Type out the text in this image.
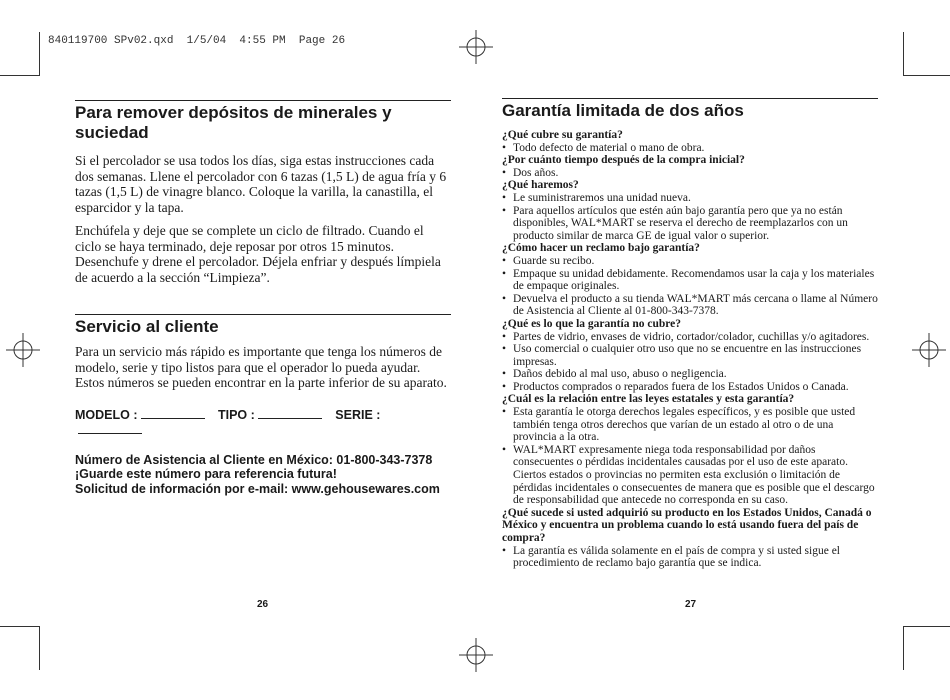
840119700 SPv02.qxd  1/5/04  4:55 PM  Page 26
Para remover depósitos de minerales y suciedad

Si el percolador se usa todos los días, siga estas instrucciones cada dos semanas. Llene el percolador con 6 tazas (1,5 L) de agua fría y 6 tazas (1,5 L) de vinagre blanco. Coloque la varilla, la canastilla, el esparcidor y la tapa.

Enchúfela y deje que se complete un ciclo de filtrado. Cuando el ciclo se haya terminado, deje reposar por otros 15 minutos. Desenchufe y drene el percolador. Déjela enfriar y después límpiela de acuerdo a la sección “Limpieza”.

Servicio al cliente

Para un servicio más rápido es importante que tenga los números de modelo, serie y tipo listos para que el operador lo pueda ayudar. Estos números se pueden encontrar en la parte inferior de su aparato.

MODELO :	TIPO :	SERIE :

Número de Asistencia al Cliente en México: 01-800-343-7378

¡Guarde este número para referencia futura!

Solicitud de información por e-mail: www.gehousewares.com

26
Garantía limitada de dos años

¿Qué cubre su garantía?

• Todo defecto de material o mano de obra.

¿Por cuánto tiempo después de la compra inicial?

• Dos años.

¿Qué haremos?

• Le suministraremos una unidad nueva.

• Para aquellos artículos que estén aún bajo garantía pero que ya no están disponibles, WAL*MART se reserva el derecho de reemplazarlos con un producto similar de marca GE de igual valor o superior.

¿Cómo hacer un reclamo bajo garantía?

• Guarde su recibo.

• Empaque su unidad debidamente. Recomendamos usar la caja y los materiales de empaque originales.

• Devuelva el producto a su tienda WAL*MART más cercana o llame al Número de Asistencia al Cliente al 01-800-343-7378.

¿Qué es lo que la garantía no cubre?

• Partes de vidrio, envases de vidrio, cortador/colador, cuchillas y/o agitadores.

• Uso comercial o cualquier otro uso que no se encuentre en las instrucciones impresas.

• Daños debido al mal uso, abuso o negligencia.

• Productos comprados o reparados fuera de los Estados Unidos o Canada.

¿Cuál es la relación entre las leyes estatales y esta garantía?

• Esta garantía le otorga derechos legales específicos, y es posible que usted también tenga otros derechos que varían de un estado al otro o de una provincia a la otra.

• WAL*MART expresamente niega toda responsabilidad por daños consecuentes o pérdidas incidentales causadas por el uso de este aparato. Ciertos estados o provincias no permiten esta exclusión o limitación de pérdidas incidentales o consecuentes de manera que es posible que el descargo de responsabilidad que antecede no corresponda en su caso.

¿Qué sucede si usted adquirió su producto en los Estados Unidos, Canadá o México y encuentra un problema cuando lo está usando fuera del país de compra?

• La garantía es válida solamente en el país de compra y si usted sigue el procedimiento de reclamo bajo garantía que se indica.

27
